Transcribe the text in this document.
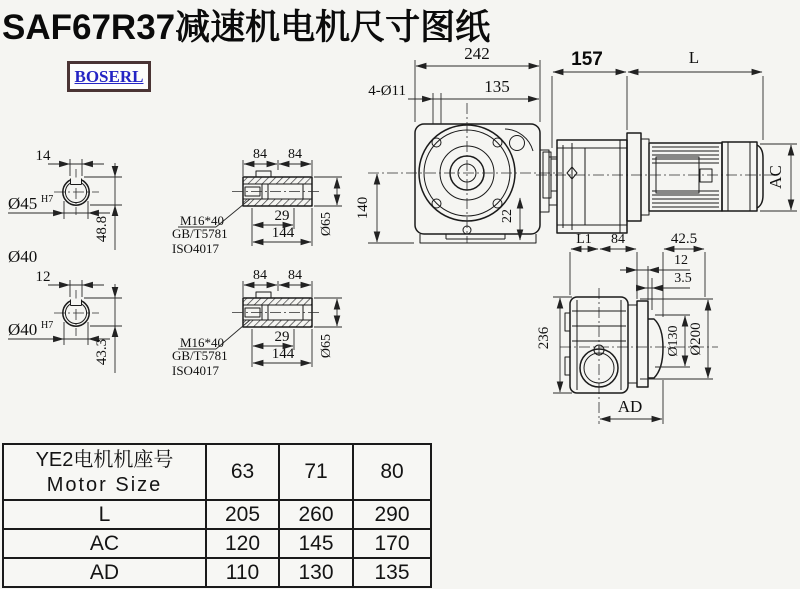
14
Ø45 H7
48.8
Ø40
12
Ø40 H7
43.3
84 84
29
144 Ø65
M16*40
GB/T5781
ISO4017
84 84
29
144 Ø65
M16*40
GB/T5781
ISO4017
242
4-Ø11	135
140	22
157	L
AC
L1 84	42.5
12
3.5
236	Ø130 Ø200
AD
SAF67R37减速机电机尺寸图纸
BOSERL
YE2电机机座号
Motor Size	63	71	80
L	205	260	290
AC	120	145	170
AD	110	130	135
